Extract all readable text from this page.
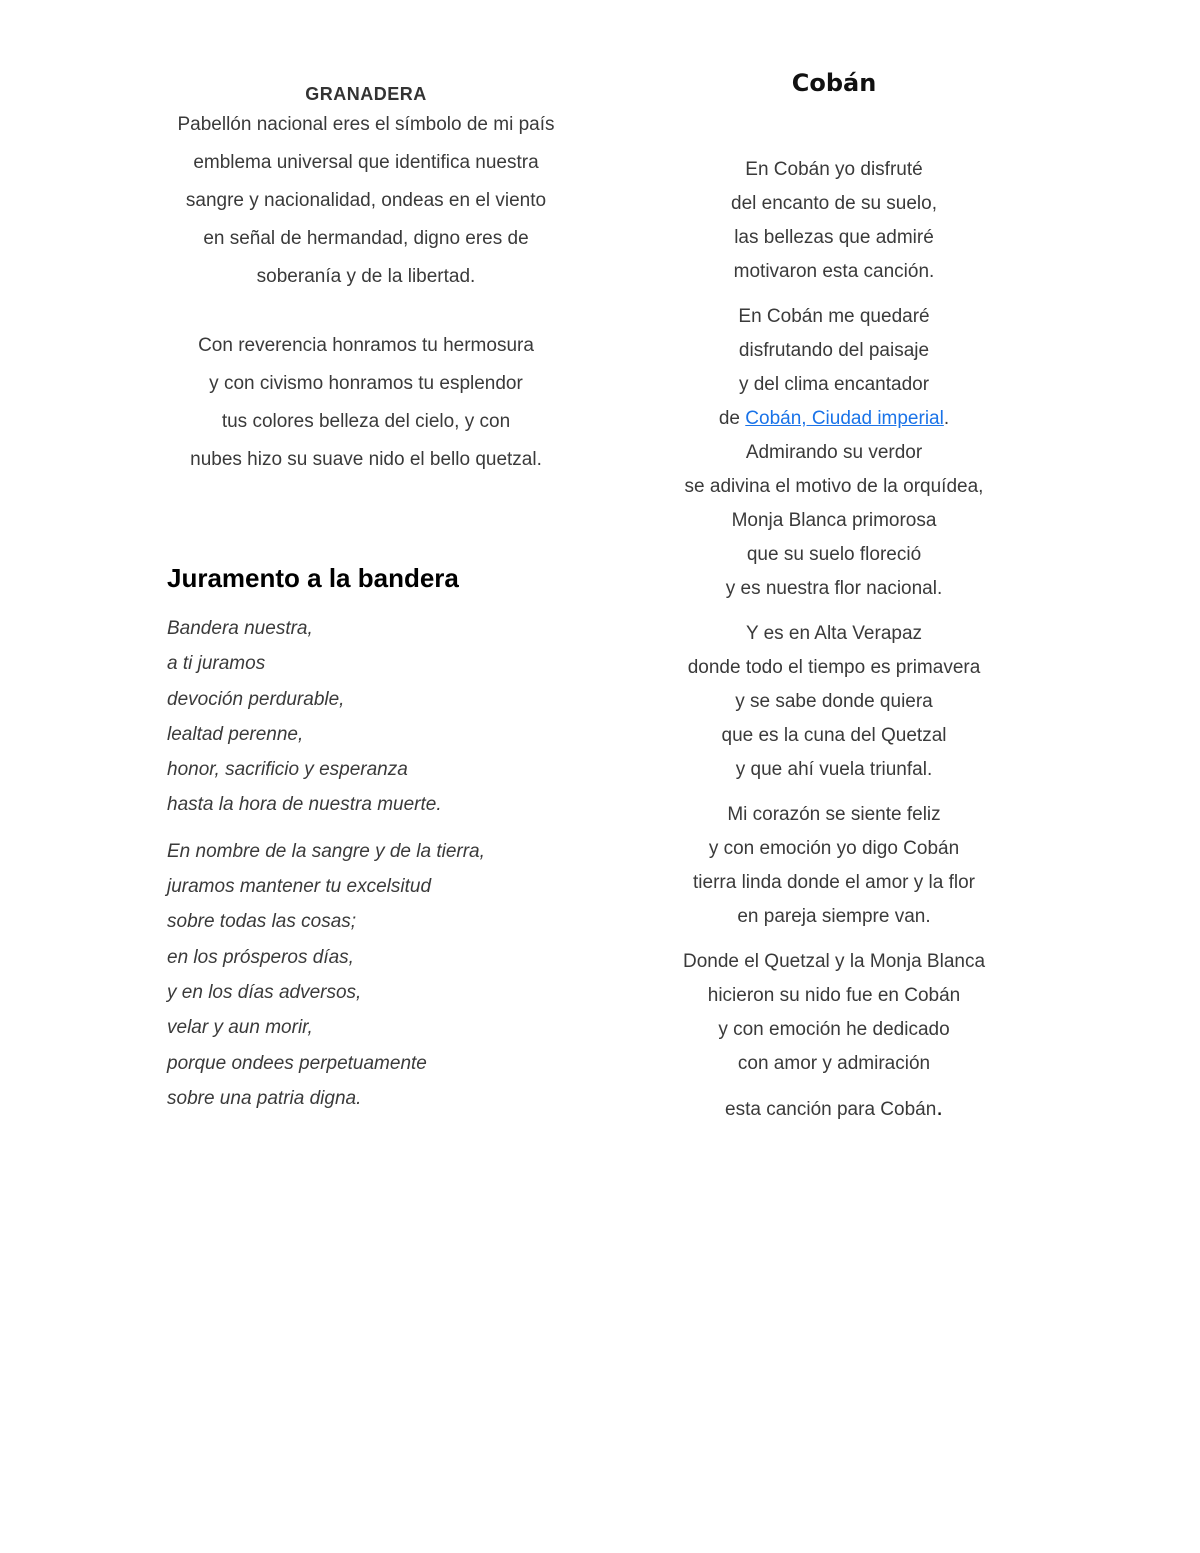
GRANADERA
Pabellón nacional eres el símbolo de mi país
emblema universal que identifica nuestra
sangre y nacionalidad, ondeas en el viento
en señal de hermandad, digno eres de
soberanía y de la libertad.
Con reverencia honramos tu hermosura
y con civismo honramos tu esplendor
tus colores belleza del cielo, y con
nubes hizo su suave nido el bello quetzal.
Juramento a la bandera
Bandera nuestra,
a ti juramos
devoción perdurable,
lealtad perenne,
honor, sacrificio y esperanza
hasta la hora de nuestra muerte.
En nombre de la sangre y de la tierra,
juramos mantener tu excelsitud
sobre todas las cosas;
en los prósperos días,
y en los días adversos,
velar y aun morir,
porque ondees perpetuamente
sobre una patria digna.
Cobán
En Cobán yo disfruté
del encanto de su suelo,
las bellezas que admiré
motivaron esta canción.
En Cobán me quedaré
disfrutando del paisaje
y del clima encantador
de Cobán, Ciudad imperial.
Admirando su verdor
se adivina el motivo de la orquídea,
Monja Blanca primorosa
que su suelo floreció
y es nuestra flor nacional.
Y es en Alta Verapaz
donde todo el tiempo es primavera
y se sabe donde quiera
que es la cuna del Quetzal
y que ahí vuela triunfal.
Mi corazón se siente feliz
y con emoción yo digo Cobán
tierra linda donde el amor y la flor
en pareja siempre van.
Donde el Quetzal y la Monja Blanca
hicieron su nido fue en Cobán
y con emoción he dedicado
con amor y admiración
esta canción para Cobán.
